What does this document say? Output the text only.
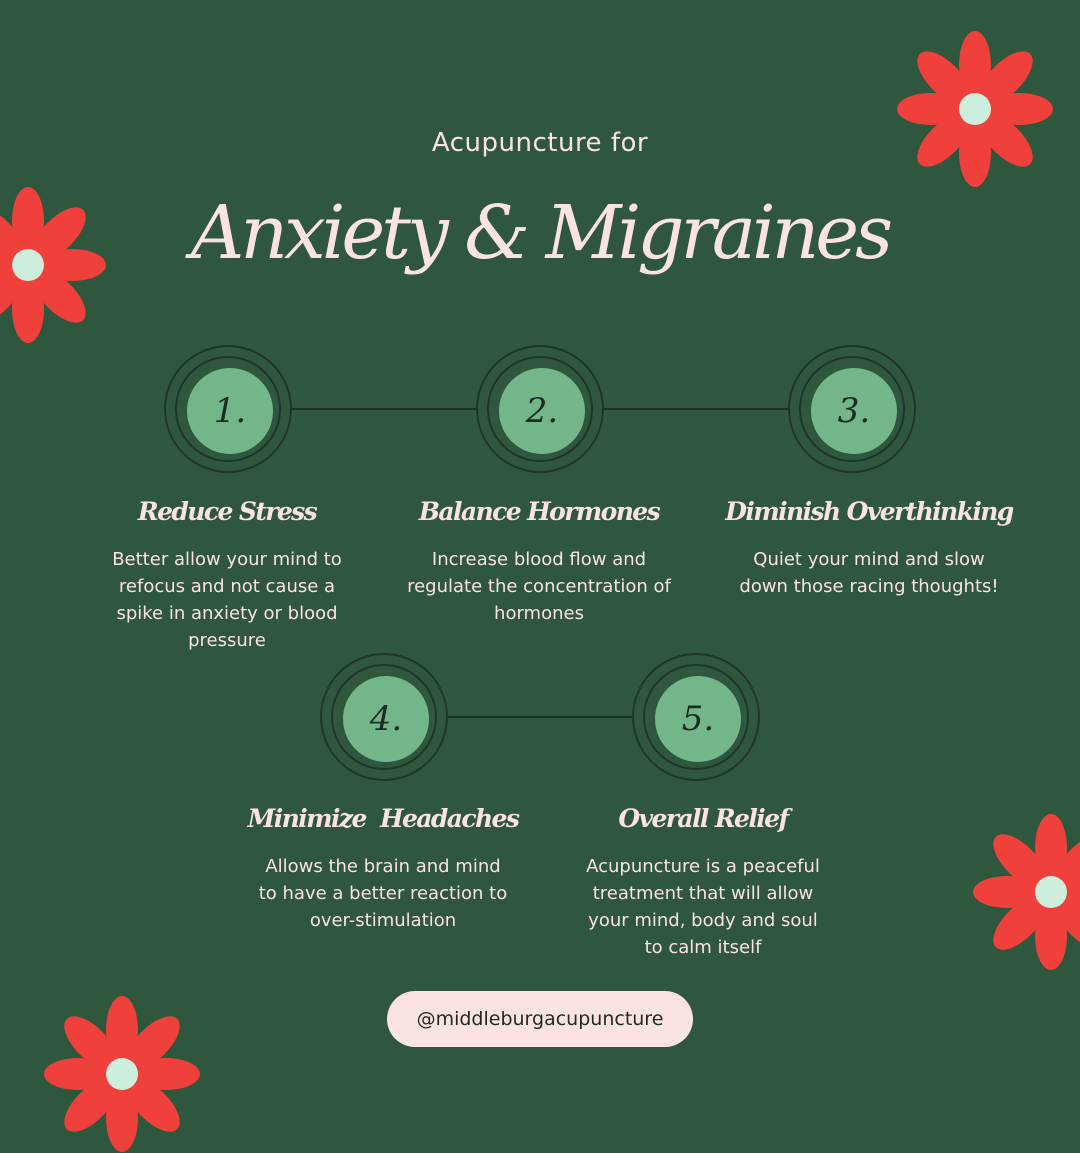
Acupuncture for
Anxiety & Migraines
1.
Reduce Stress
Better allow your mind to refocus and not cause a spike in anxiety or blood pressure
2.
Balance Hormones
Increase blood flow and regulate the concentration of hormones
3.
Diminish Overthinking
Quiet your mind and slow down those racing thoughts!
4.
Minimize  Headaches
Allows the brain and mind to have a better reaction to over-stimulation
5.
Overall Relief
Acupuncture is a peaceful treatment that will allow your mind, body and soul to calm itself
@middleburgacupuncture
